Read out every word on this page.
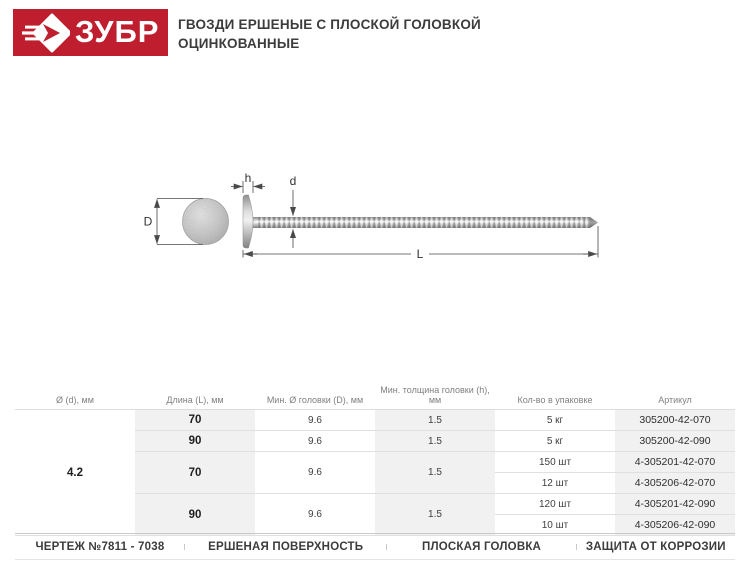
ЗУБР ГВОЗДИ ЕРШЕНЫЕ С ПЛОСКОЙ ГОЛОВКОЙ
ОЦИНКОВАННЫЕ
D
h	d
L
Ø (d), мм	Длина (L), мм	Мин. Ø головки (D), мм	Мин. толщина головки (h), мм	Кол-во в упаковке	Артикул
4.2	70	9.6	1.5	5 кг	305200-42-070
	90	9.6	1.5	5 кг	305200-42-090
	70	9.6	1.5	150 шт	4-305201-42-070
				12 шт	4-305206-42-070
	90	9.6	1.5	120 шт	4-305201-42-090
				10 шт	4-305206-42-090
ЧЕРТЕЖ №7811 - 7038	ЕРШЕНАЯ ПОВЕРХНОСТЬ	ПЛОСКАЯ ГОЛОВКА	ЗАЩИТА ОТ КОРРОЗИИ
